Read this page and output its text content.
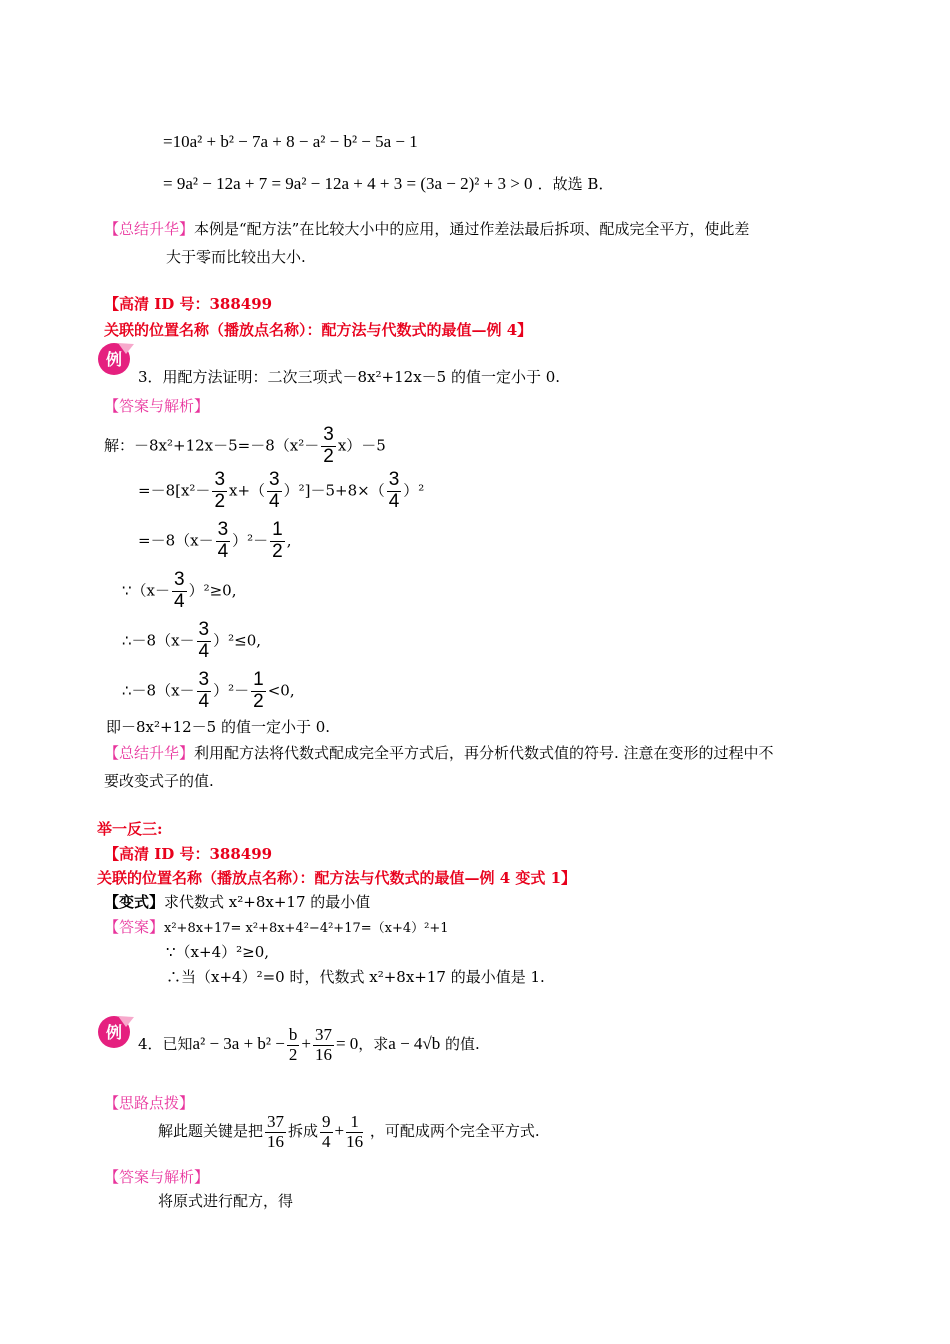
=10a² + b² − 7a + 8 − a² − b² − 5a − 1
= 9a² − 12a + 7 = 9a² − 12a + 4 + 3 = (3a − 2)² + 3 > 0 ．故选 B．
【总结升华】本例是“配方法”在比较大小中的应用，通过作差法最后拆项、配成完全平方，使此差
大于零而比较出大小.
【高清 ID 号：388499
关联的位置名称（播放点名称）：配方法与代数式的最值—例 4】
例
3．用配方法证明：二次三项式－8x²+12x－5 的值一定小于 0.
【答案与解析】
解：$-8x^2+12x-5=-8(x^2- \frac{3}{2} x)-5$
$=-8[x^2- \frac{3}{2} x+( \frac{3}{4} )^2]-5+8\times( \frac{3}{4} )^2$
$=-8(x- \frac{3}{4} )^2- \frac{1}{2}$ ,
∵（x－ $\frac{3}{4} )^2\ge 0$,
∴－8（x－ $\frac{3}{4} )^2\le 0$,
∴－8（x－ $\frac{3}{4} )^2- \frac{1}{2} <0$,
即－8x²+12－5 的值一定小于 0.
【总结升华】利用配方法将代数式配成完全平方式后，再分析代数式值的符号. 注意在变形的过程中不
要改变式子的值.
举一反三:
【高清 ID 号：388499
关联的位置名称（播放点名称）：配方法与代数式的最值—例 4 变式 1】
【变式】求代数式 x²+8x+17 的最小值
【答案】x²+8x+17= x²+8x+4²−4²+17=（x+4）²+1
∵（x+4）²≥0,
∴当（x+4）²=0 时，代数式 x²+8x+17 的最小值是 1.
例
4．已知$a^2 - 3a + b^2 - \frac{b}{2} + \frac{37}{16} = 0$，求a − 4√b 的值.
【思路点拨】
解此题关键是把 $\frac{37}{16}$ 拆成 $\frac{9}{4} + \frac{1}{16}$ ，可配成两个完全平方式.
【答案与解析】
将原式进行配方，得
